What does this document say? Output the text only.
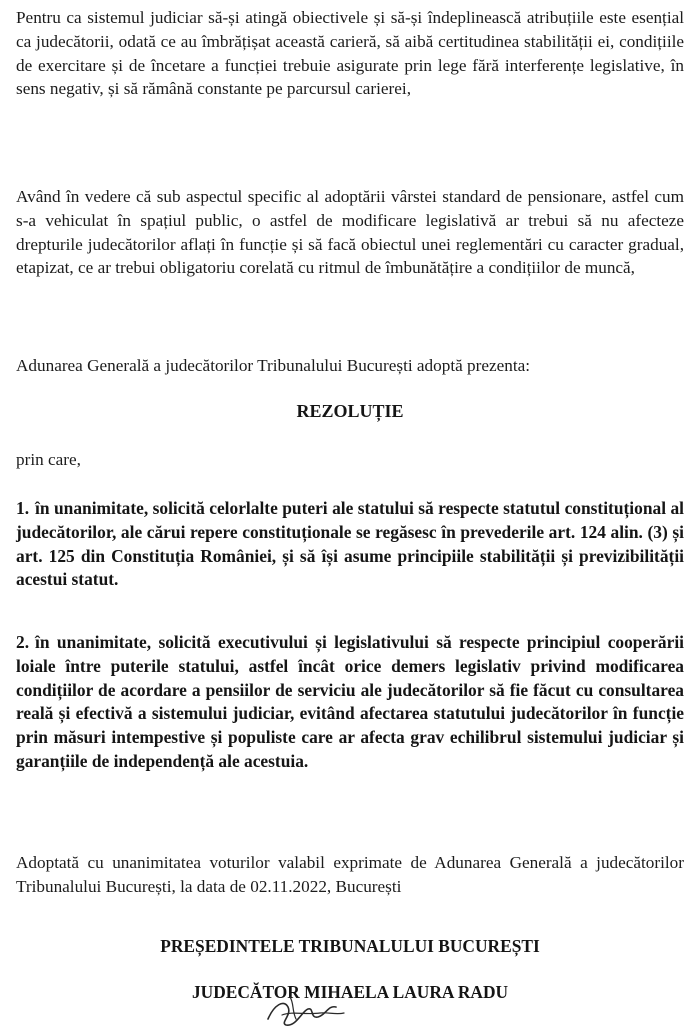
Pentru ca sistemul judiciar să-și atingă obiectivele și să-și îndeplinească atribuțiile este esențial ca judecătorii, odată ce au îmbrățișat această carieră, să aibă certitudinea stabilității ei, condițiile de exercitare și de încetare a funcției trebuie asigurate prin lege fără interferențe legislative, în sens negativ, și să rămână constante pe parcursul carierei,

Având în vedere că sub aspectul specific al adoptării vârstei standard de pensionare, astfel cum s-a vehiculat în spațiul public, o astfel de modificare legislativă ar trebui să nu afecteze drepturile judecătorilor aflați în funcție și să facă obiectul unei reglementări cu caracter gradual, etapizat, ce ar trebui obligatoriu corelată cu ritmul de îmbunătățire a condițiilor de muncă,

Adunarea Generală a judecătorilor Tribunalului București adoptă prezenta:

REZOLUȚIE

prin care,

1. în unanimitate, solicită celorlalte puteri ale statului să respecte statutul constituțional al judecătorilor, ale cărui repere constituționale se regăsesc în prevederile art. 124 alin. (3) și art. 125 din Constituția României, și să își asume principiile stabilității și previzibilității acestui statut.

2. în unanimitate, solicită executivului și legislativului să respecte principiul cooperării loiale între puterile statului, astfel încât orice demers legislativ privind modificarea condițiilor de acordare a pensiilor de serviciu ale judecătorilor să fie făcut cu consultarea reală și efectivă a sistemului judiciar, evitând afectarea statutului judecătorilor în funcție prin măsuri intempestive și populiste care ar afecta grav echilibrul sistemului judiciar și garanțiile de independență ale acestuia.

Adoptată cu unanimitatea voturilor valabil exprimate de Adunarea Generală a judecătorilor Tribunalului București, la data de 02.11.2022, București

PREȘEDINTELE TRIBUNALULUI BUCUREȘTI

JUDECĂTOR MIHAELA LAURA RADU
